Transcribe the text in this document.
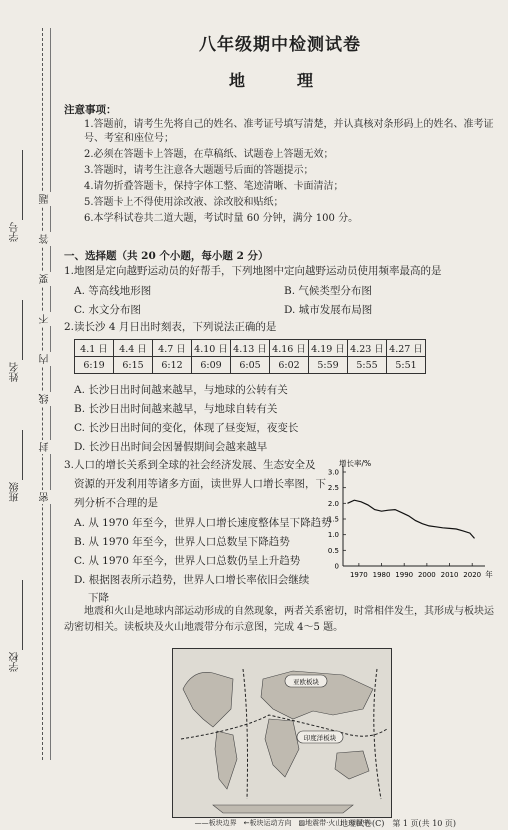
学号
姓名
班级
学校
密
封
线
内
不
要
答
题
八年级期中检测试卷
地　理
注意事项：
1.答题前，请考生先将自己的姓名、准考证号填写清楚，并认真核对条形码上的姓名、准考证号、考室和座位号；
2.必须在答题卡上答题，在草稿纸、试题卷上答题无效；
3.答题时，请考生注意各大题题号后面的答题提示；
4.请勿折叠答题卡，保持字体工整、笔迹清晰、卡面清洁；
5.答题卡上不得使用涂改液、涂改胶和贴纸；
6.本学科试卷共二道大题，考试时量 60 分钟，满分 100 分。
一、选择题（共 20 个小题，每小题 2 分）
1.地图是定向越野运动员的好帮手，下列地图中定向越野运动员使用频率最高的是
A. 等高线地形图	B. 气候类型分布图
C. 水文分布图	D. 城市发展布局图
2.读长沙 4 月日出时刻表，下列说法正确的是
4.1 日	4.4 日	4.7 日	4.10 日	4.13 日	4.16 日	4.19 日	4.23 日	4.27 日
6:19	6:15	6:12	6:09	6:05	6:02	5:59	5:55	5:51
A. 长沙日出时间越来越早，与地球的公转有关
B. 长沙日出时间越来越早，与地球自转有关
C. 长沙日出时间的变化，体现了昼变短，夜变长
D. 长沙日出时间会因暑假期间会越来越早
3.人口的增长关系到全球的社会经济发展、生态安全及
资源的开发利用等诸多方面，读世界人口增长率图，下
列分析不合理的是
A. 从 1970 年至今，世界人口增长速度整体呈下降趋势
B. 从 1970 年至今，世界人口总数呈下降趋势
C. 从 1970 年至今，世界人口总数仍呈上升趋势
D. 根据图表所示趋势，世界人口增长率依旧会继续
下降
增长率/%
0
0.5
1.0
1.5
2.0
2.5
3.0
1970 1980 1990 2000 2010 2020 年
地震和火山是地球内部运动形成的自然现象，两者关系密切，时常相伴发生，其形成与板块运动密切相关。读板块及火山地震带分布示意图，完成 4～5 题。
亚欧板块
印度洋板块
——板块边界　←板块运动方向　▨地震带·火山　◎震中
地理试卷(C)　第 1 页(共 10 页)
